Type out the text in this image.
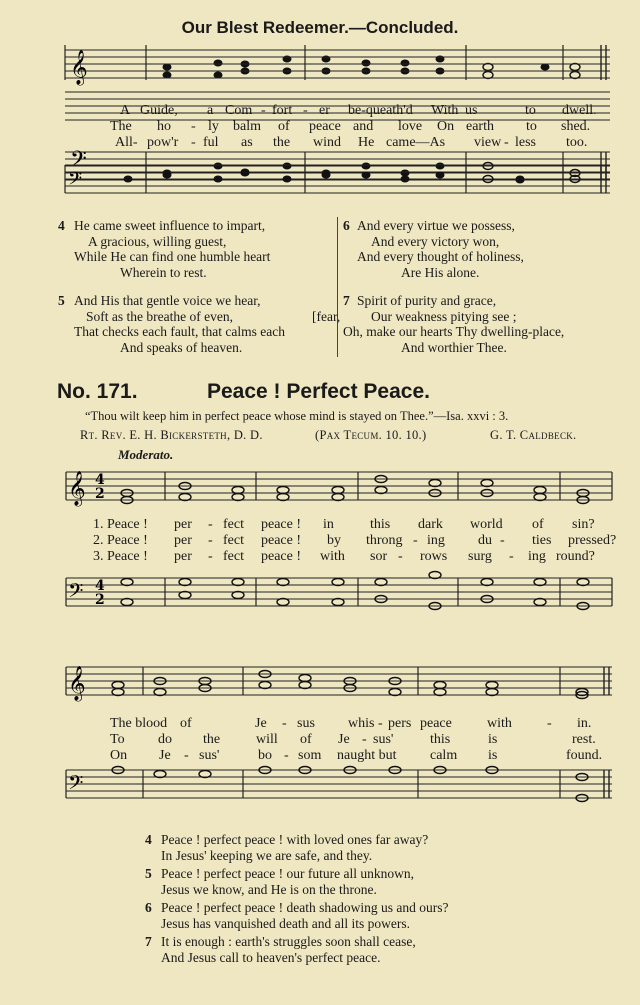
Our Blest Redeemer.—Concluded.
𝄞
𝄢
A Guide, a Com - fort - er be-queath'd With us	to dwell.
The ho - ly balm of peace and love On earth to shed.
All- pow'r - ful as the wind He came—As view - less too.
𝄢
4 He came sweet influence to impart,
A gracious, willing guest,
While He can find one humble heart
Wherein to rest.
5 And His that gentle voice we hear,
Soft as the breathe of even,	[fear,
That checks each fault, that calms each
And speaks of heaven.
6 And every virtue we possess,
And every victory won,
And every thought of holiness,
Are His alone.
7 Spirit of purity and grace,
Our weakness pitying see ;
Oh, make our hearts Thy dwelling-place,
And worthier Thee.
No. 171.	Peace ! Perfect Peace.
“Thou wilt keep him in perfect peace whose mind is stayed on Thee.”—Isa. xxvi : 3.
Rt. Rev. E. H. Bickersteth, D. D.	(Pax Tecum. 10. 10.)	G. T. Caldbeck.
Moderato.
𝄞
𝄢
4
2
4
2
1. Peace ! per - fect peace ! in	this dark world of sin?
2. Peace ! per - fect peace ! by throng - ing du - ties pressed?
3. Peace ! per - fect peace ! with sor - rows surg - ing round?
𝄞
𝄢
The blood of	Je - sus whis - pers peace	with	- in.
To do the	will of Je - sus'	this	is	rest.
On Je - sus'	bo - som naught but calm is	found.
4 Peace ! perfect peace ! with loved ones far away?
In Jesus' keeping we are safe, and they.
5 Peace ! perfect peace ! our future all unknown,
Jesus we know, and He is on the throne.
6 Peace ! perfect peace ! death shadowing us and ours?
Jesus has vanquished death and all its powers.
7 It is enough : earth's struggles soon shall cease,
And Jesus call to heaven's perfect peace.
